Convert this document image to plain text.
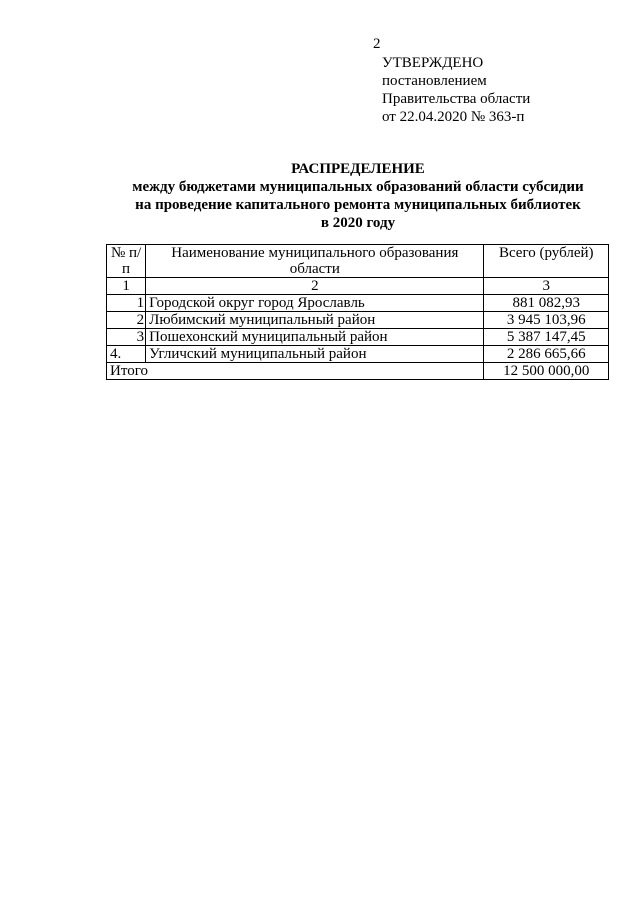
2
УТВЕРЖДЕНО
постановлением
Правительства области
от 22.04.2020 № 363-п
РАСПРЕДЕЛЕНИЕ
между бюджетами муниципальных образований области субсидии
на проведение капитального ремонта муниципальных библиотек
в 2020 году
№ п/п	Наименование муниципального образования области	Всего (рублей)
1	2	3
1	Городской округ город Ярославль	881 082,93
2	Любимский муниципальный район	3 945 103,96
3	Пошехонский муниципальный район	5 387 147,45
4.	Угличский муниципальный район	2 286 665,66
Итого		12 500 000,00
